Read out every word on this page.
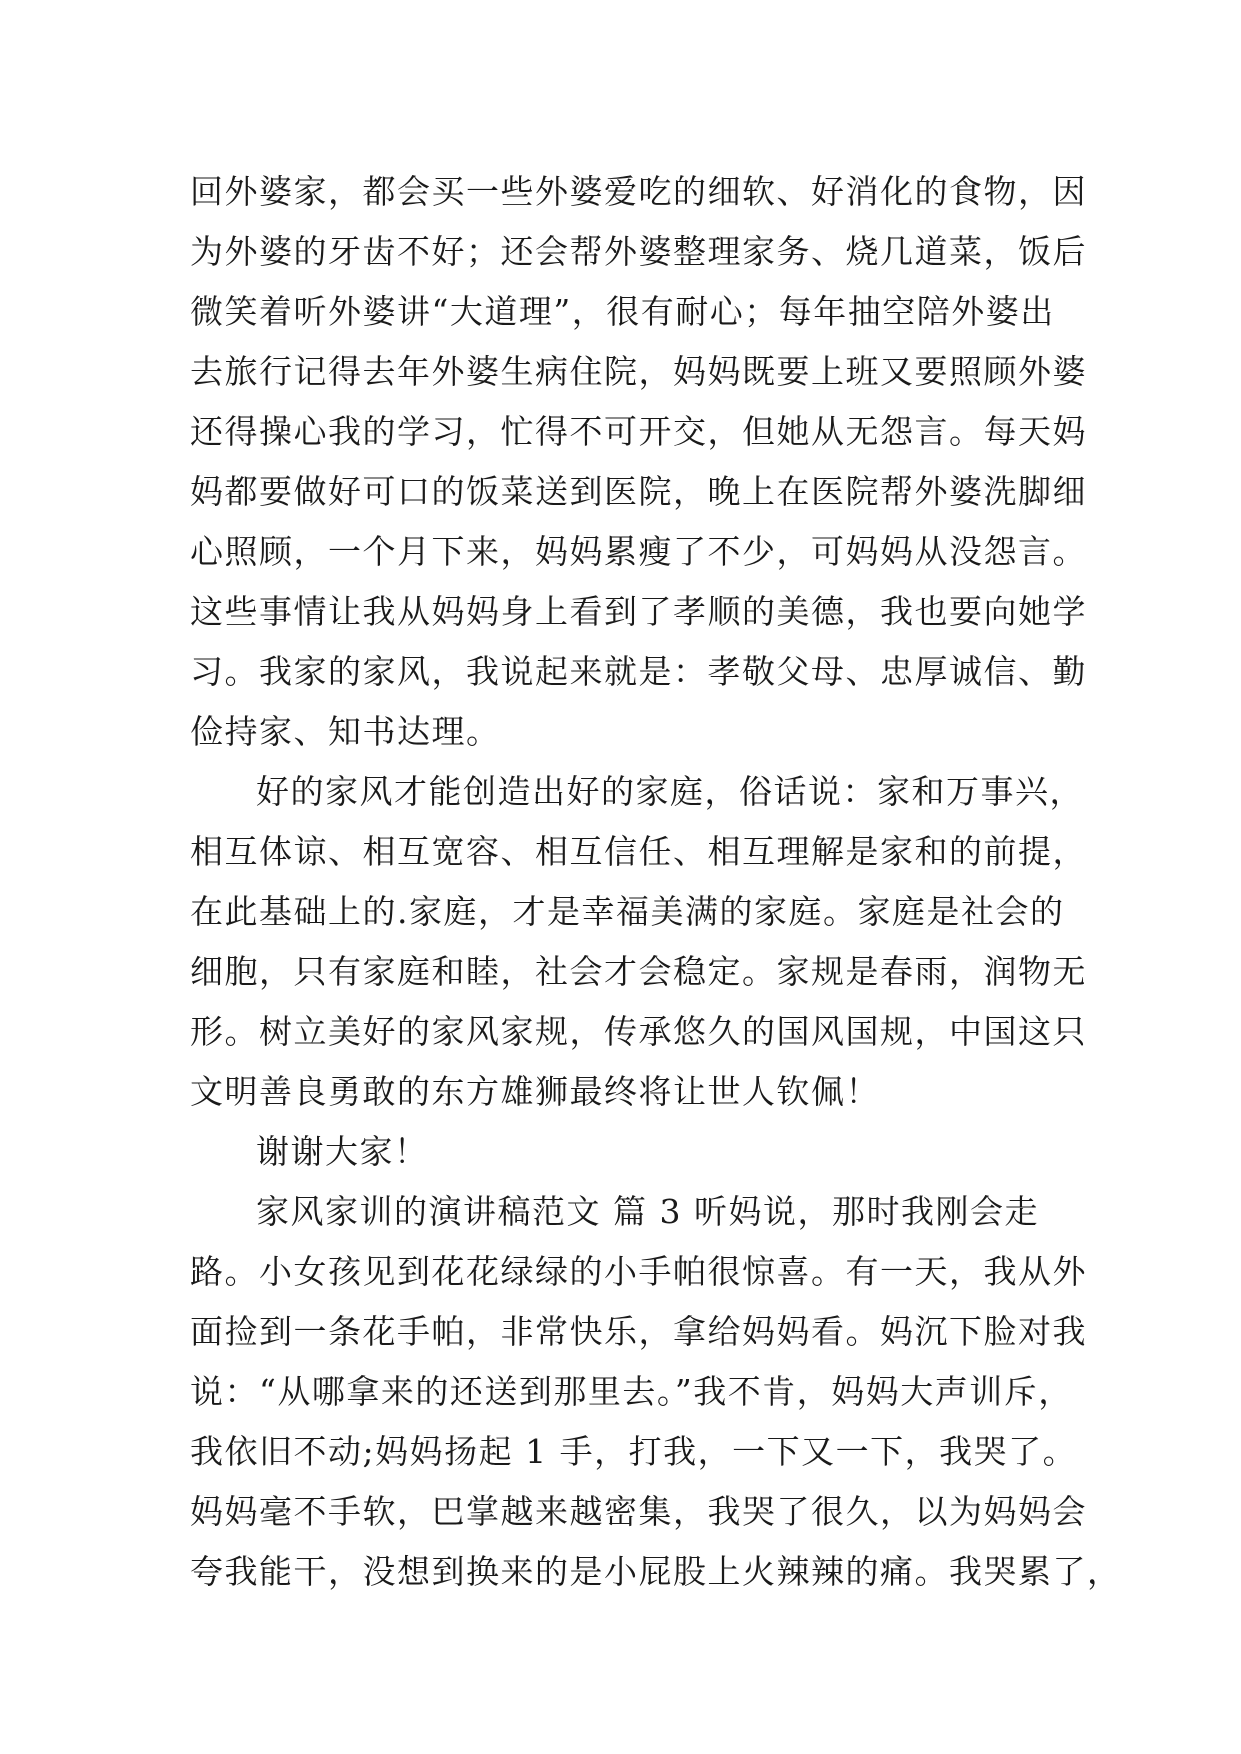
回外婆家，都会买一些外婆爱吃的细软、好消化的食物，因
为外婆的牙齿不好；还会帮外婆整理家务、烧几道菜，饭后
微笑着听外婆讲“大道理”，很有耐心；每年抽空陪外婆出
去旅行记得去年外婆生病住院，妈妈既要上班又要照顾外婆
还得操心我的学习，忙得不可开交，但她从无怨言。每天妈
妈都要做好可口的饭菜送到医院，晚上在医院帮外婆洗脚细
心照顾，一个月下来，妈妈累瘦了不少，可妈妈从没怨言。
这些事情让我从妈妈身上看到了孝顺的美德，我也要向她学
习。我家的家风，我说起来就是：孝敬父母、忠厚诚信、勤
俭持家、知书达理。
好的家风才能创造出好的家庭，俗话说：家和万事兴，
相互体谅、相互宽容、相互信任、相互理解是家和的前提，
在此基础上的.家庭，才是幸福美满的家庭。家庭是社会的
细胞，只有家庭和睦，社会才会稳定。家规是春雨，润物无
形。树立美好的家风家规，传承悠久的国风国规，中国这只
文明善良勇敢的东方雄狮最终将让世人钦佩！
谢谢大家！
家风家训的演讲稿范文 篇 3 听妈说，那时我刚会走
路。小女孩见到花花绿绿的小手帕很惊喜。有一天，我从外
面捡到一条花手帕，非常快乐，拿给妈妈看。妈沉下脸对我
说：“从哪拿来的还送到那里去。”我不肯，妈妈大声训斥，
我依旧不动;妈妈扬起 1 手，打我，一下又一下，我哭了。
妈妈毫不手软，巴掌越来越密集，我哭了很久，以为妈妈会
夸我能干，没想到换来的是小屁股上火辣辣的痛。我哭累了，
